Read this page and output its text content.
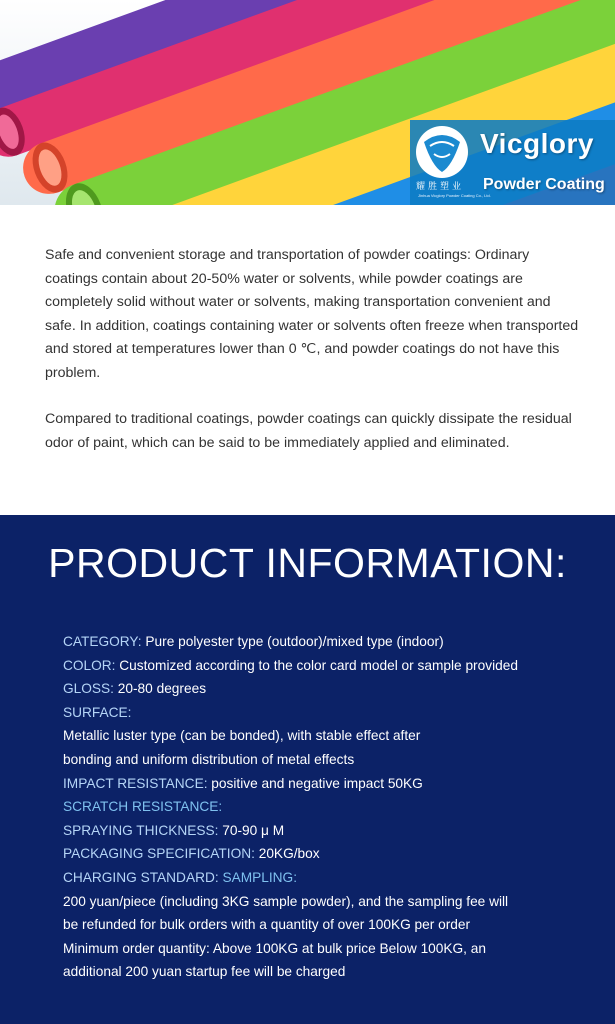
Vicglory
Powder Coating
耀胜塑业
Jinhua Vicglory Powder Coating Co., Ltd.

Safe and convenient storage and transportation of powder coatings: Ordinary coatings contain about 20-50% water or solvents, while powder coatings are completely solid without water or solvents, making transportation convenient and safe. In addition, coatings containing water or solvents often freeze when transported and stored at temperatures lower than 0 ℃, and powder coatings do not have this problem.

Compared to traditional coatings, powder coatings can quickly dissipate the residual odor of paint, which can be said to be immediately applied and eliminated.

PRODUCT INFORMATION:
CATEGORY: Pure polyester type (outdoor)/mixed type (indoor)
COLOR: Customized according to the color card model or sample provided
GLOSS: 20-80 degrees
SURFACE:
Metallic luster type (can be bonded), with stable effect after
bonding and uniform distribution of metal effects
IMPACT RESISTANCE: positive and negative impact 50KG
SCRATCH RESISTANCE:
SPRAYING THICKNESS: 70-90 μ M
PACKAGING SPECIFICATION: 20KG/box
CHARGING STANDARD: SAMPLING:
200 yuan/piece (including 3KG sample powder), and the sampling fee will
be refunded for bulk orders with a quantity of over 100KG per order
Minimum order quantity: Above 100KG at bulk price Below 100KG, an
additional 200 yuan startup fee will be charged
